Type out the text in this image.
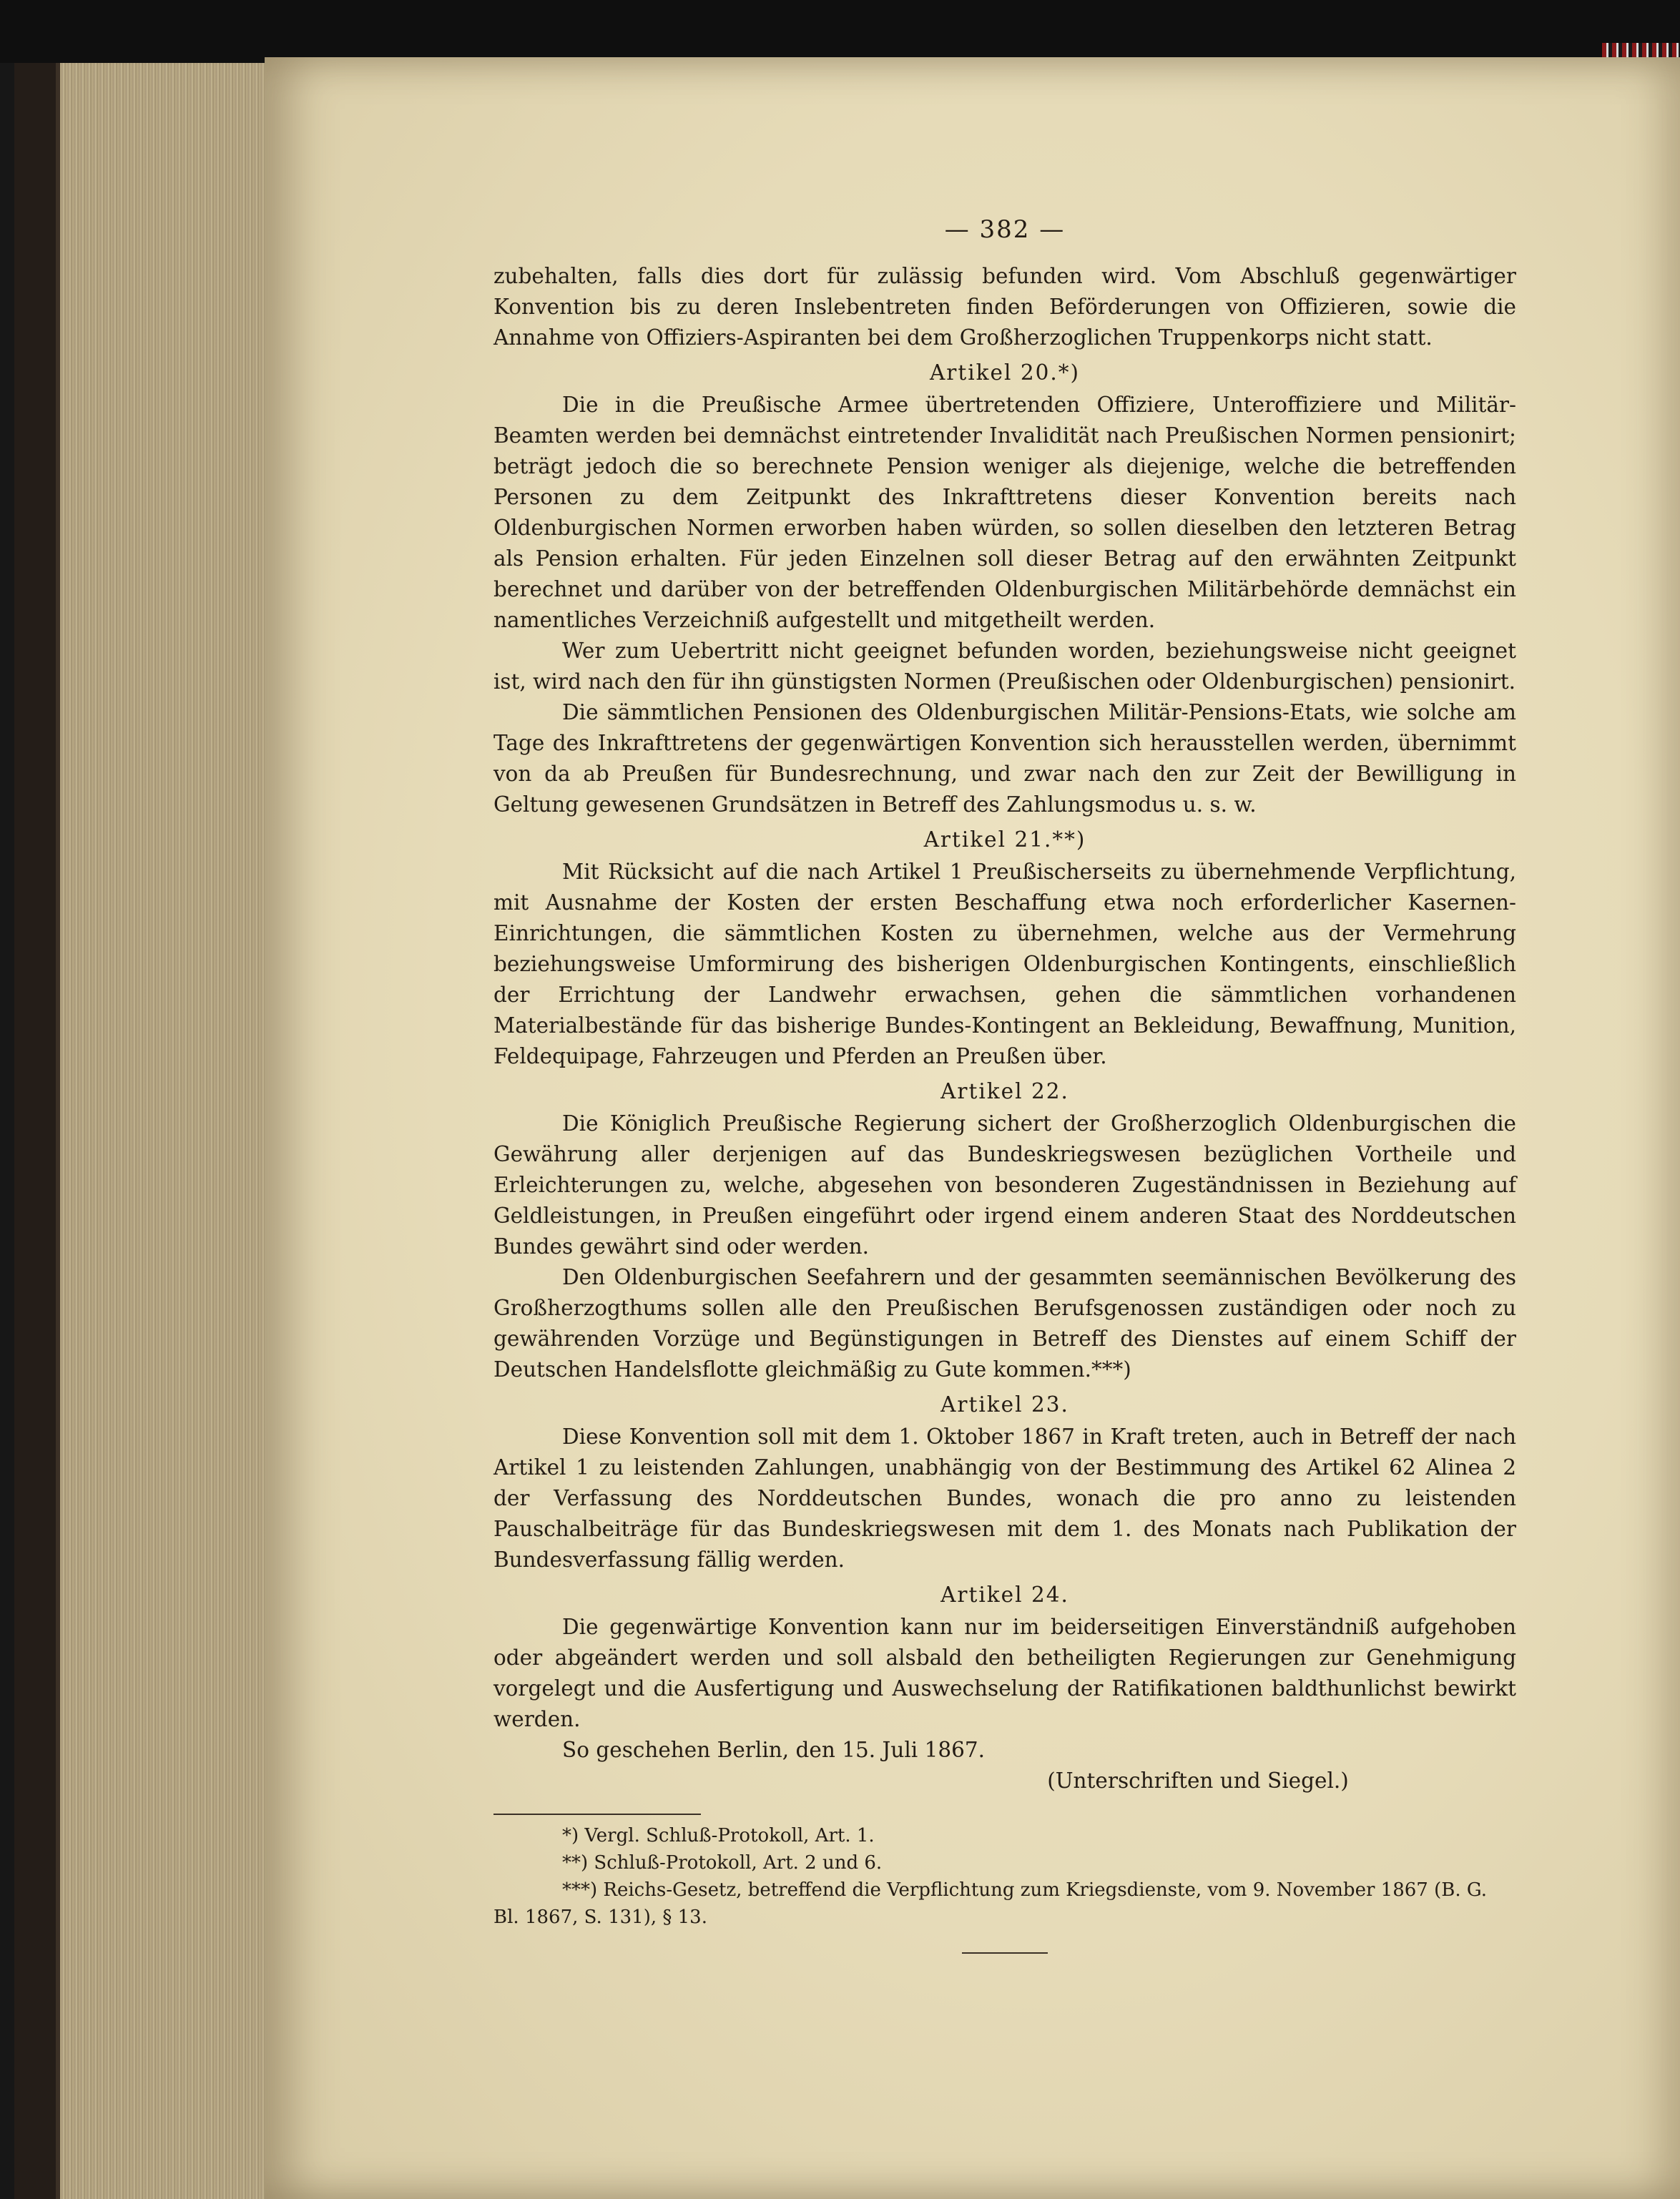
— 382 —

zubehalten, falls dies dort für zulässig befunden wird. Vom Abschluß gegenwärtiger Konvention bis zu deren Inslebentreten finden Beförderungen von Offizieren, sowie die Annahme von Offiziers-Aspiranten bei dem Großherzoglichen Truppenkorps nicht statt.

Artikel 20.*)

Die in die Preußische Armee übertretenden Offiziere, Unteroffiziere und Militär-Beamten werden bei demnächst eintretender Invalidität nach Preußischen Normen pensionirt; beträgt jedoch die so berechnete Pension weniger als diejenige, welche die betreffenden Personen zu dem Zeitpunkt des Inkrafttretens dieser Konvention bereits nach Oldenburgischen Normen erworben haben würden, so sollen dieselben den letzteren Betrag als Pension erhalten. Für jeden Einzelnen soll dieser Betrag auf den erwähnten Zeitpunkt berechnet und darüber von der betreffenden Oldenburgischen Militärbehörde demnächst ein namentliches Verzeichniß aufgestellt und mitgetheilt werden.

Wer zum Uebertritt nicht geeignet befunden worden, beziehungsweise nicht geeignet ist, wird nach den für ihn günstigsten Normen (Preußischen oder Oldenburgischen) pensionirt.

Die sämmtlichen Pensionen des Oldenburgischen Militär-Pensions-Etats, wie solche am Tage des Inkrafttretens der gegenwärtigen Konvention sich herausstellen werden, übernimmt von da ab Preußen für Bundesrechnung, und zwar nach den zur Zeit der Bewilligung in Geltung gewesenen Grundsätzen in Betreff des Zahlungsmodus u. s. w.

Artikel 21.**)

Mit Rücksicht auf die nach Artikel 1 Preußischerseits zu übernehmende Verpflichtung, mit Ausnahme der Kosten der ersten Beschaffung etwa noch erforderlicher Kasernen-Einrichtungen, die sämmtlichen Kosten zu übernehmen, welche aus der Vermehrung beziehungsweise Umformirung des bisherigen Oldenburgischen Kontingents, einschließlich der Errichtung der Landwehr erwachsen, gehen die sämmtlichen vorhandenen Materialbestände für das bisherige Bundes-Kontingent an Bekleidung, Bewaffnung, Munition, Feldequipage, Fahrzeugen und Pferden an Preußen über.

Artikel 22.

Die Königlich Preußische Regierung sichert der Großherzoglich Oldenburgischen die Gewährung aller derjenigen auf das Bundeskriegswesen bezüglichen Vortheile und Erleichterungen zu, welche, abgesehen von besonderen Zugeständnissen in Beziehung auf Geldleistungen, in Preußen eingeführt oder irgend einem anderen Staat des Norddeutschen Bundes gewährt sind oder werden.

Den Oldenburgischen Seefahrern und der gesammten seemännischen Bevölkerung des Großherzogthums sollen alle den Preußischen Berufsgenossen zuständigen oder noch zu gewährenden Vorzüge und Begünstigungen in Betreff des Dienstes auf einem Schiff der Deutschen Handelsflotte gleichmäßig zu Gute kommen.***)

Artikel 23.

Diese Konvention soll mit dem 1. Oktober 1867 in Kraft treten, auch in Betreff der nach Artikel 1 zu leistenden Zahlungen, unabhängig von der Bestimmung des Artikel 62 Alinea 2 der Verfassung des Norddeutschen Bundes, wonach die pro anno zu leistenden Pauschalbeiträge für das Bundeskriegswesen mit dem 1. des Monats nach Publikation der Bundesverfassung fällig werden.

Artikel 24.

Die gegenwärtige Konvention kann nur im beiderseitigen Einverständniß aufgehoben oder abgeändert werden und soll alsbald den betheiligten Regierungen zur Genehmigung vorgelegt und die Ausfertigung und Auswechselung der Ratifikationen baldthunlichst bewirkt werden.

So geschehen Berlin, den 15. Juli 1867.

(Unterschriften und Siegel.)

*) Vergl. Schluß-Protokoll, Art. 1.

**) Schluß-Protokoll, Art. 2 und 6.

***) Reichs-Gesetz, betreffend die Verpflichtung zum Kriegsdienste, vom 9. November 1867 (B. G. Bl. 1867, S. 131), § 13.
